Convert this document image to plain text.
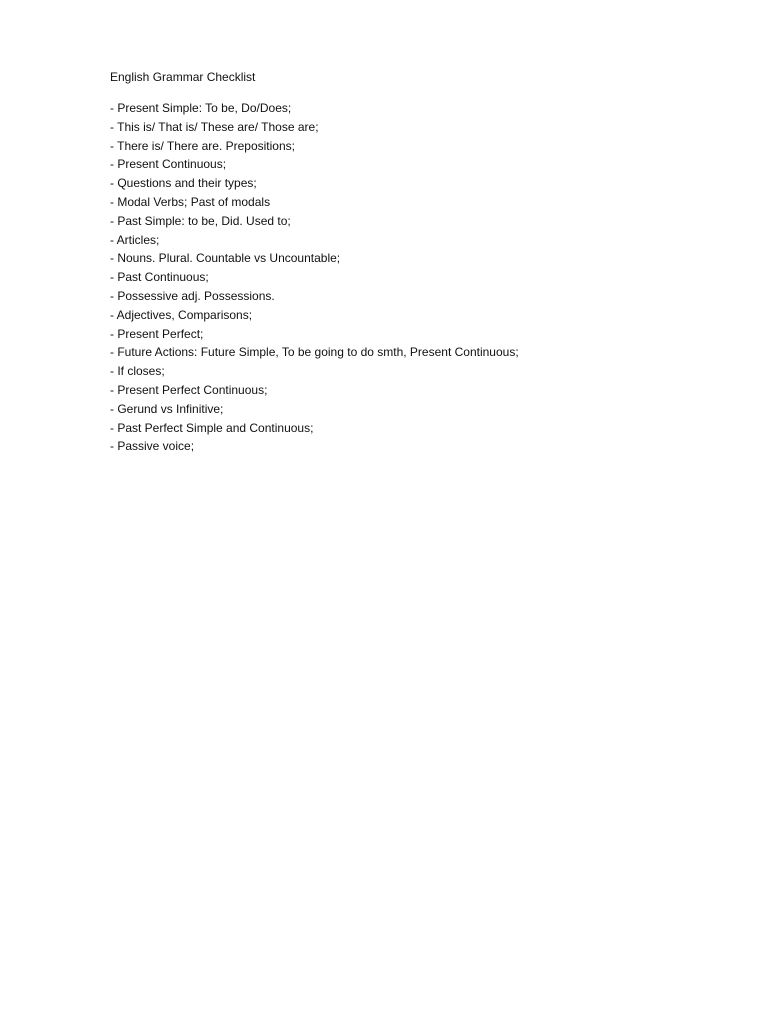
English Grammar Checklist
- Present Simple: To be, Do/Does;
- This is/ That is/ These are/ Those are;
- There is/ There are. Prepositions;
- Present Continuous;
- Questions and their types;
- Modal Verbs; Past of modals
- Past Simple: to be, Did. Used to;
- Articles;
- Nouns. Plural. Countable vs Uncountable;
- Past Continuous;
- Possessive adj. Possessions.
- Adjectives, Comparisons;
- Present Perfect;
- Future Actions: Future Simple, To be going to do smth, Present Continuous;
- If closes;
- Present Perfect Continuous;
- Gerund vs Infinitive;
- Past Perfect Simple and Continuous;
- Passive voice;
